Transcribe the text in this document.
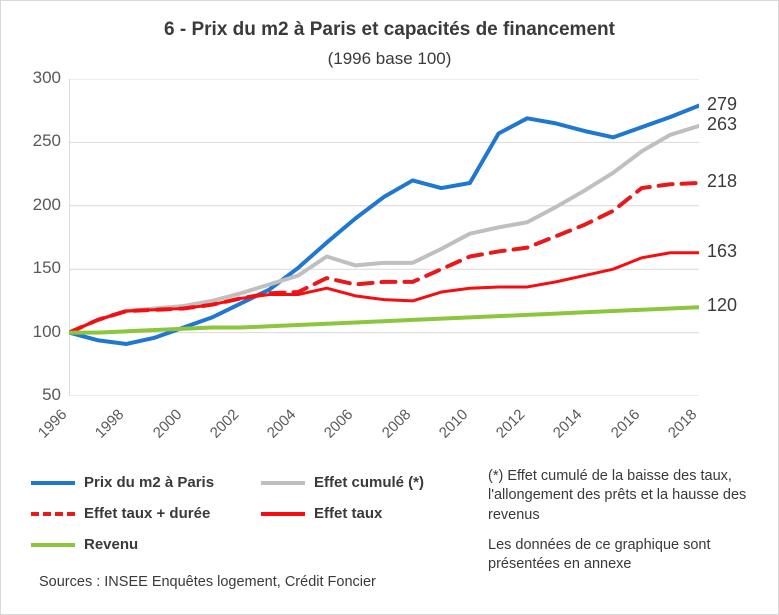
6 - Prix du m2 à Paris et capacités de financement
(1996 base 100)
50
100
150
200
250
300
1996 1998 2000 2002 2004 2006 2008 2010 2012 2014 2016 2018
279
263
218
163
120
Prix du m2 à Paris	Effet cumulé (*)
Effet taux + durée	Effet taux
Revenu

(*) Effet cumulé de la baisse des taux, l'allongement des prêts et la hausse des revenus

Les données de ce graphique sont présentées en annexe

Sources : INSEE Enquêtes logement, Crédit Foncier
